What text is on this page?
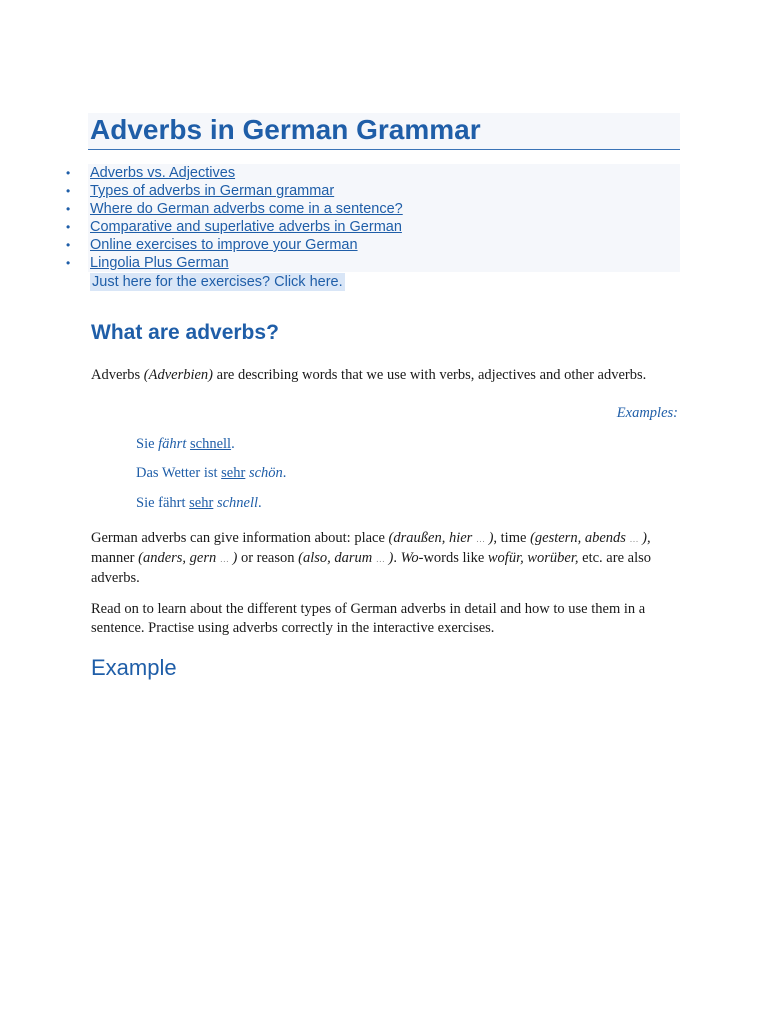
Adverbs in German Grammar
• Adverbs vs. Adjectives
• Types of adverbs in German grammar
• Where do German adverbs come in a sentence?
• Comparative and superlative adverbs in German
• Online exercises to improve your German
• Lingolia Plus German
Just here for the exercises? Click here.
What are adverbs?

Adverbs (Adverbien) are describing words that we use with verbs, adjectives and other adverbs.

Examples:

Sie fährt schnell.

Das Wetter ist sehr schön.

Sie fährt sehr schnell.

German adverbs can give information about: place (draußen, hier … ), time (gestern, abends … ), manner (anders, gern … ) or reason (also, darum … ). Wo-words like wofür, worüber, etc. are also adverbs.

Read on to learn about the different types of German adverbs in detail and how to use them in a sentence. Practise using adverbs correctly in the interactive exercises.

Example
